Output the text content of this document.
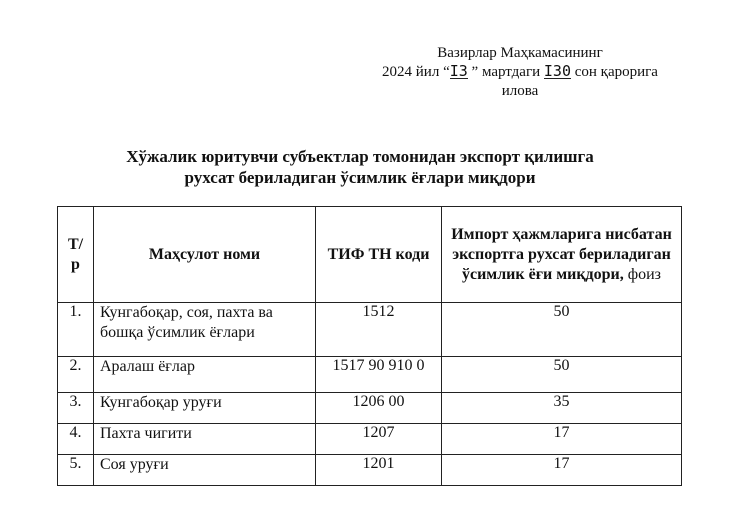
Вазирлар Маҳкамасининг
2024 йил “I3 ” мартдаги I30 сон қарорига
илова
Хўжалик юритувчи субъектлар томонидан экспорт қилишга
рухсат бериладиган ўсимлик ёғлари миқдори
Т/р	Маҳсулот номи	ТИФ ТН коди	Импорт ҳажмларига нисбатан экспортга рухсат бериладиган ўсимлик ёғи миқдори, фоиз
1.	Кунгабоқар, соя, пахта ва бошқа ўсимлик ёғлари	1512	50
2.	Аралаш ёғлар	1517 90 910 0	50
3.	Кунгабоқар уруғи	1206 00	35
4.	Пахта чигити	1207	17
5.	Соя уруғи	1201	17
